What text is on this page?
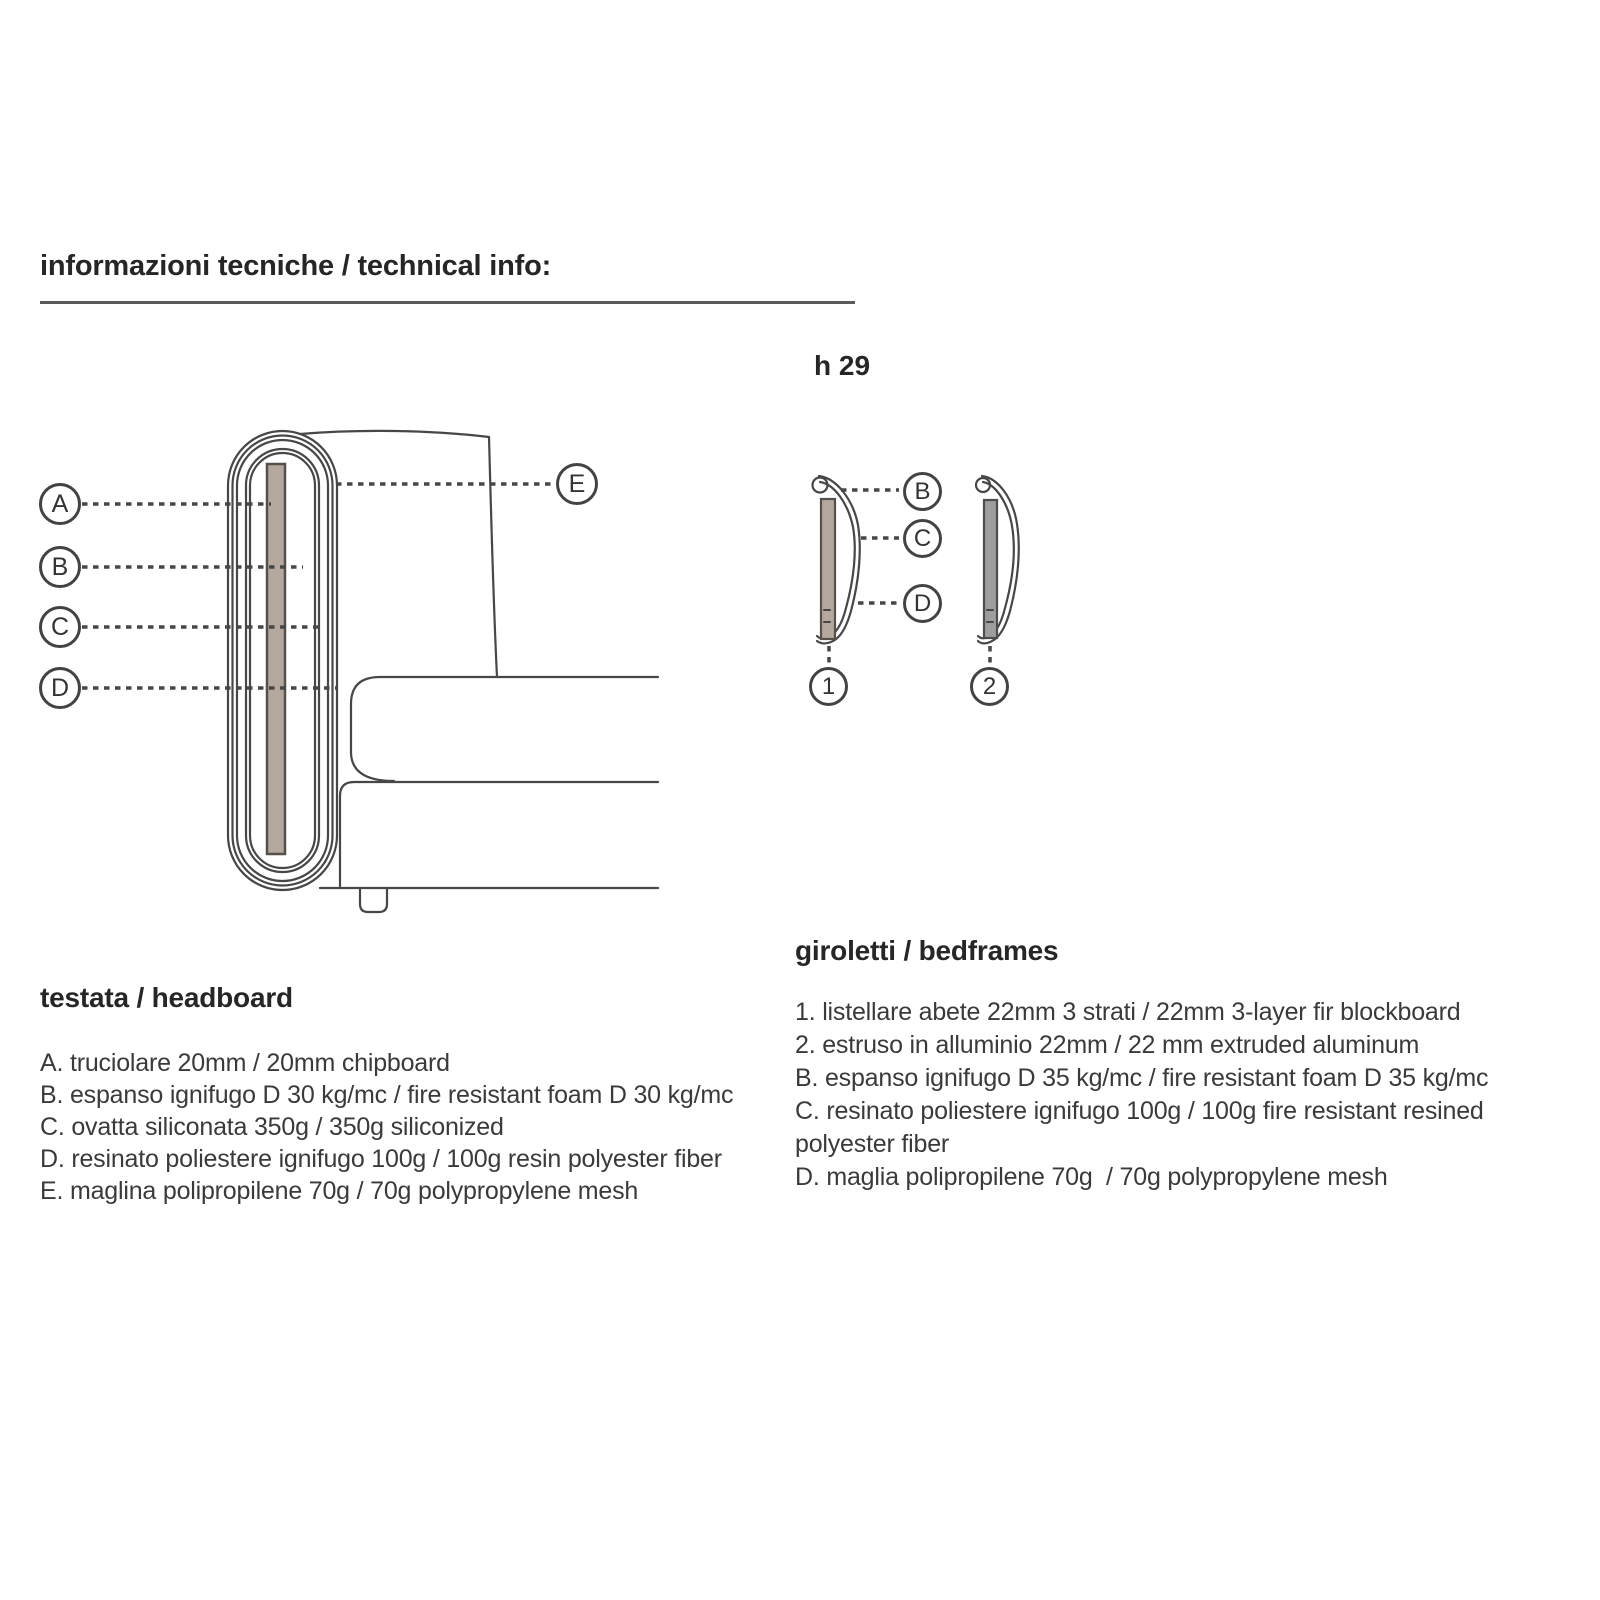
informazioni tecniche / technical info:
h 29
A
B
C
D
E	B
C
D
1	2
testata / headboard
A. truciolare 20mm / 20mm chipboard
B. espanso ignifugo D 30 kg/mc / fire resistant foam D 30 kg/mc
C. ovatta siliconata 350g / 350g siliconized
D. resinato poliestere ignifugo 100g / 100g resin polyester fiber
E. maglina polipropilene 70g / 70g polypropylene mesh
giroletti / bedframes
1. listellare abete 22mm 3 strati / 22mm 3-layer fir blockboard
2. estruso in alluminio 22mm / 22 mm extruded aluminum
B. espanso ignifugo D 35 kg/mc / fire resistant foam D 35 kg/mc
C. resinato poliestere ignifugo 100g / 100g fire resistant resined polyester fiber
D. maglia polipropilene 70g  / 70g polypropylene mesh
